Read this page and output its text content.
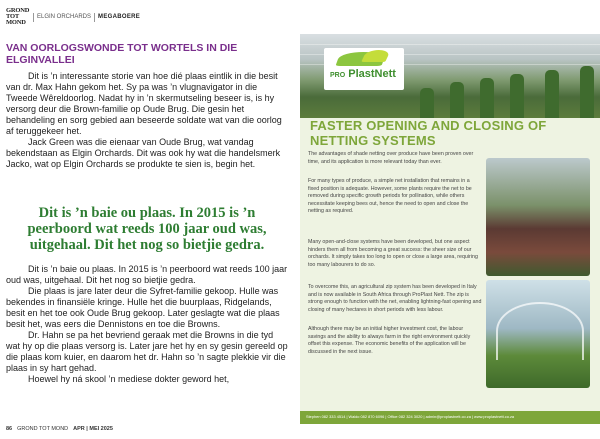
GROND TOT MOND
ELGIN ORCHARDS MEGABOERE
VAN OORLOGSWONDE TOT WORTELS IN DIE ELGINVALLEI

Dit is ’n interessante storie van hoe dié plaas eintlik in die besit van dr. Max Hahn gekom het. Sy pa was ’n vlugnavigator in die Tweede Wêreldoorlog. Nadat hy in ’n skermutseling beseer is, is hy versorg deur die Brown-familie op Oude Brug. Die gesin het behandeling en sorg gebied aan beseerde soldate wat van die oorlog af teruggekeer het.

Jack Green was die eienaar van Oude Brug, wat vandag bekendstaan as Elgin Orchards. Dit was ook hy wat die handelsmerk Jacko, wat op Elgin Orchards se produkte te sien is, begin het.

Dit is ’n baie ou plaas. In 2015 is ’n peerboord wat reeds 100 jaar oud was, uitgehaal. Dit het nog so bietjie gedra.

Dit is ’n baie ou plaas. In 2015 is ’n peerboord wat reeds 100 jaar oud was, uitgehaal. Dit het nog so bietjie gedra.

Die plaas is jare later deur die Syfret-familie gekoop. Hulle was bekendes in finansiële kringe. Hulle het die buurplaas, Ridgelands, besit en het toe ook Oude Brug gekoop. Later geslagte wat die plaas besit het, was eers die Dennistons en toe die Browns.

Dr. Hahn se pa het bevriend geraak met die Browns in die tyd wat hy op die plaas versorg is. Later jare het hy en sy gesin gereeld op die plaas kom kuier, en daarom het dr. Hahn so ’n sagte plekkie vir die plaas in sy hart gehad.

Hoewel hy ná skool ’n mediese dokter geword het,

86 GROND TOT MOND APR | MEI 2025
PRO PlastNett
FASTER OPENING AND CLOSING OF NETTING SYSTEMS

The advantages of shade netting over produce have been proven over time, and its application is more relevant today than ever.

For many types of produce, a simple net installation that remains in a fixed position is adequate. However, some plants require the net to be removed during specific growth periods for pollination, while others necessitate keeping bees out, hence the need to open and close the netting as required.

Many open-and-close systems have been developed, but one aspect hinders them all from becoming a great success: the sheer size of our orchards. It simply takes too long to open or close a large area, requiring too many labourers to do so.

To overcome this, an agricultural zip system has been developed in Italy and is now available in South Africa through ProPlast Nett. The zip is strong enough to function with the net, enabling lightning-fast opening and closing of many hectares in short periods with less labour.

Although there may be an initial higher investment cost, the labour savings and the ability to always farm in the right environment quickly offset this expense. The economic benefits of the application will be discussed in the next issue.

Stephen 082 333 4514 | Waldo 082 870 6096 | Office 082 324 3020 | admin@proplastnett.co.za | www.proplastnett.co.za
